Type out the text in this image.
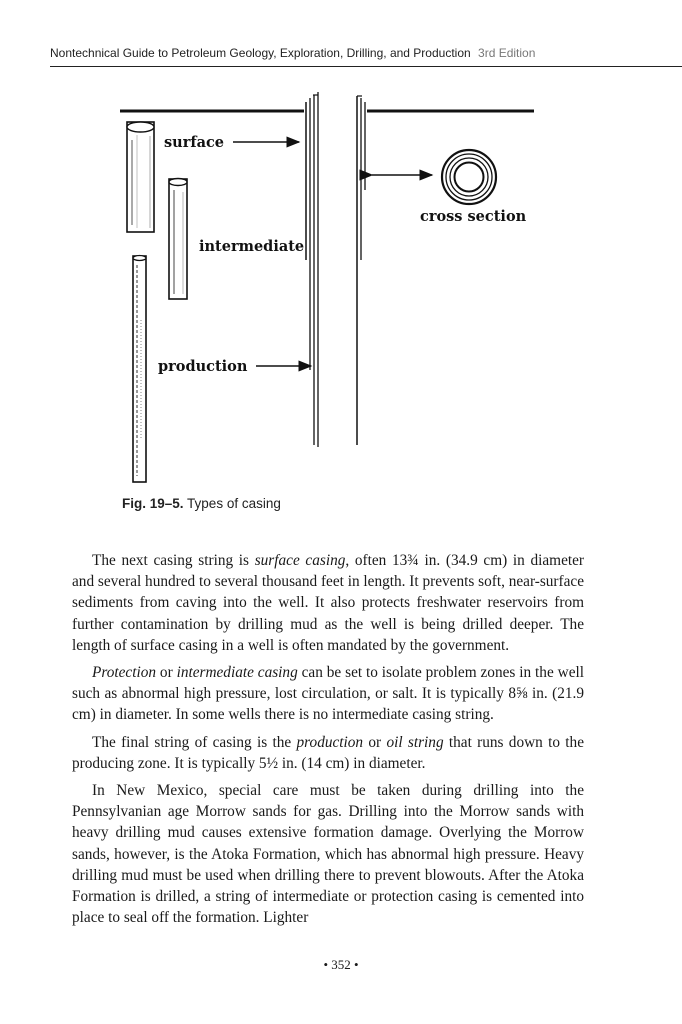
Nontechnical Guide to Petroleum Geology, Exploration, Drilling, and Production 3rd Edition
surface
intermediate
production
cross section
Fig. 19–5. Types of casing

The next casing string is surface casing, often 13¾ in. (34.9 cm) in diameter and several hundred to several thousand feet in length. It prevents soft, near-surface sediments from caving into the well. It also protects freshwater reservoirs from further contamination by drilling mud as the well is being drilled deeper. The length of surface casing in a well is often mandated by the government.

Protection or intermediate casing can be set to isolate problem zones in the well such as abnormal high pressure, lost circulation, or salt. It is typically 8⅝ in. (21.9 cm) in diameter. In some wells there is no intermediate casing string.

The final string of casing is the production or oil string that runs down to the producing zone. It is typically 5½ in. (14 cm) in diameter.

In New Mexico, special care must be taken during drilling into the Pennsylvanian age Morrow sands for gas. Drilling into the Morrow sands with heavy drilling mud causes extensive formation damage. Overlying the Morrow sands, however, is the Atoka Formation, which has abnormal high pressure. Heavy drilling mud must be used when drilling there to prevent blowouts. After the Atoka Formation is drilled, a string of intermediate or protection casing is cemented into place to seal off the formation. Lighter

• 352 •
